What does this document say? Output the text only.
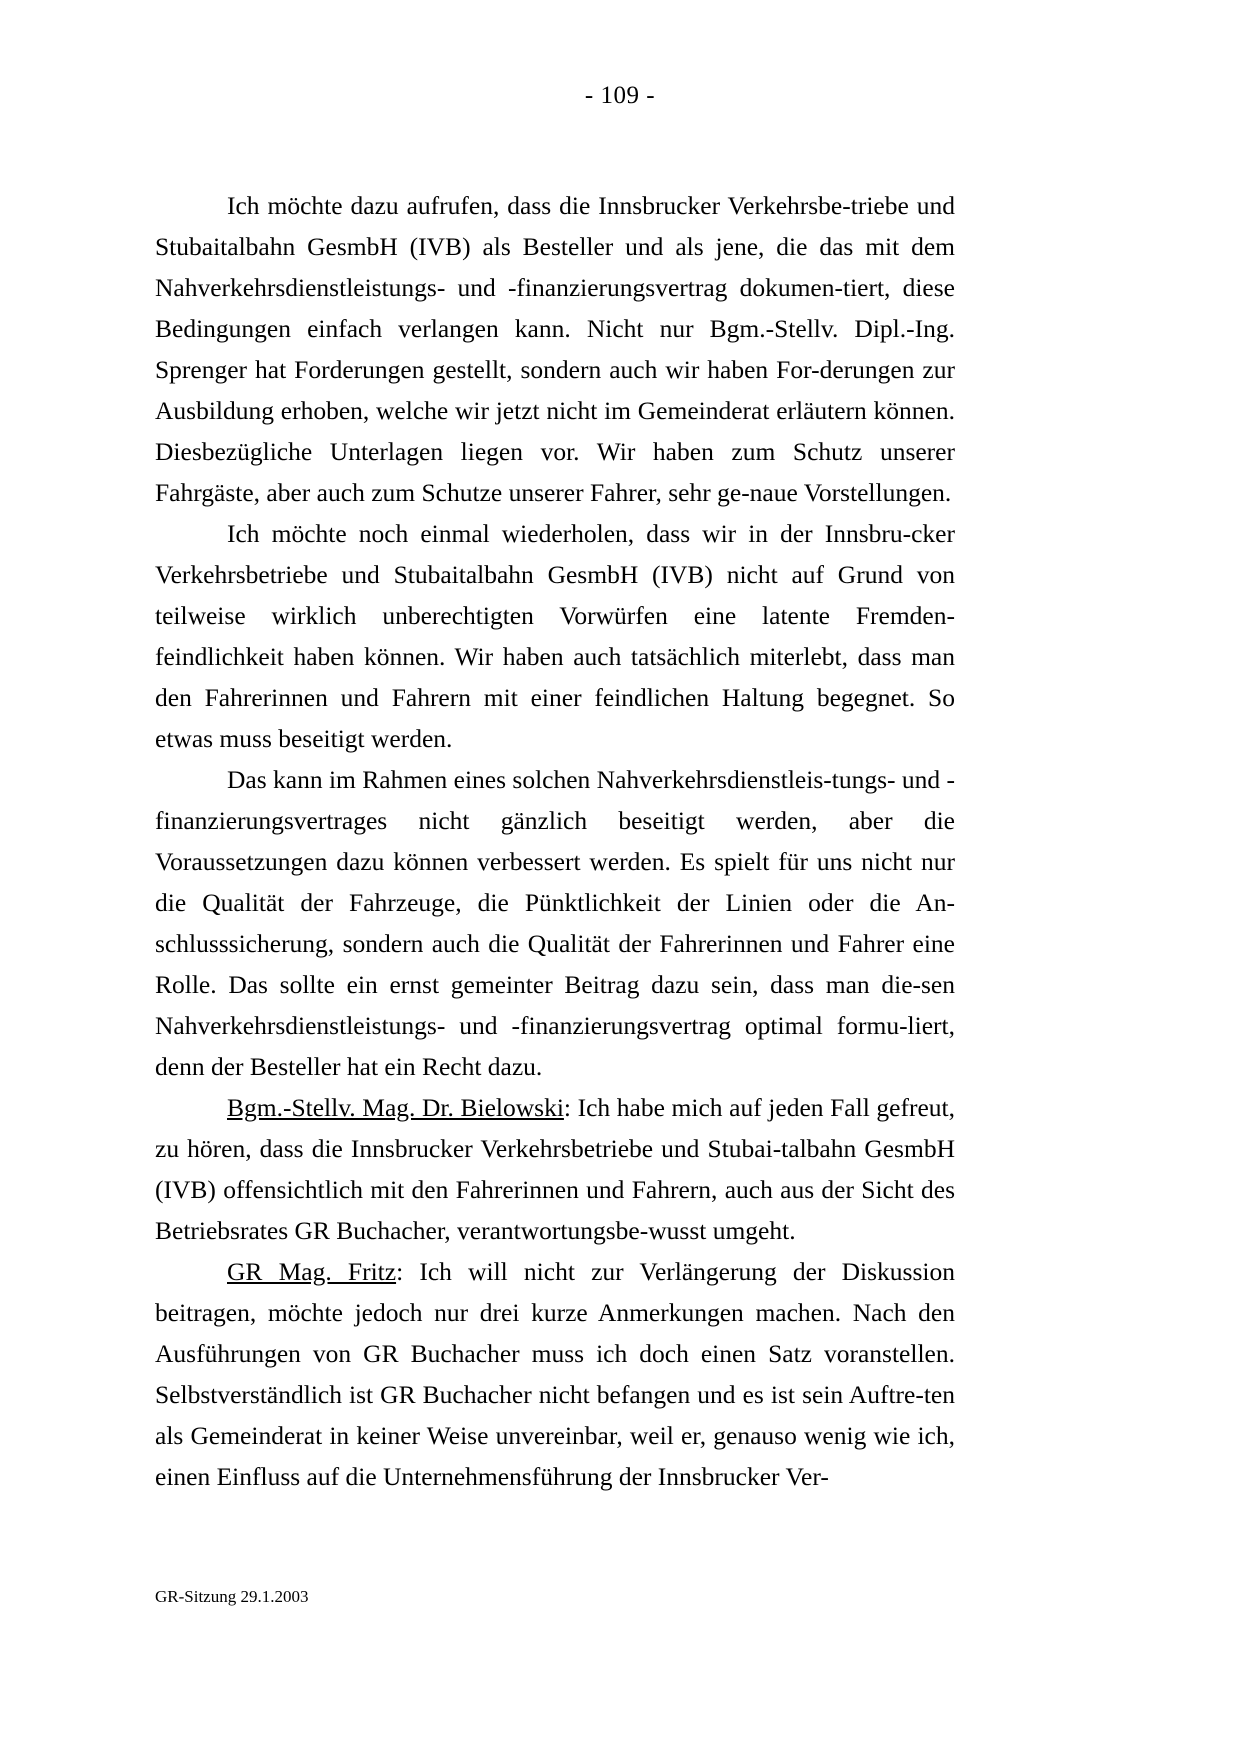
- 109 -

Ich möchte dazu aufrufen, dass die Innsbrucker Verkehrsbe-triebe und Stubaitalbahn GesmbH (IVB) als Besteller und als jene, die das mit dem Nahverkehrsdienstleistungs- und -finanzierungsvertrag dokumen-tiert, diese Bedingungen einfach verlangen kann. Nicht nur Bgm.-Stellv. Dipl.-Ing. Sprenger hat Forderungen gestellt, sondern auch wir haben For-derungen zur Ausbildung erhoben, welche wir jetzt nicht im Gemeinderat erläutern können. Diesbezügliche Unterlagen liegen vor. Wir haben zum Schutz unserer Fahrgäste, aber auch zum Schutze unserer Fahrer, sehr ge-naue Vorstellungen.

Ich möchte noch einmal wiederholen, dass wir in der Innsbru-cker Verkehrsbetriebe und Stubaitalbahn GesmbH (IVB) nicht auf Grund von teilweise wirklich unberechtigten Vorwürfen eine latente Fremden-feindlichkeit haben können. Wir haben auch tatsächlich miterlebt, dass man den Fahrerinnen und Fahrern mit einer feindlichen Haltung begegnet. So etwas muss beseitigt werden.

Das kann im Rahmen eines solchen Nahverkehrsdienstleis-tungs- und -finanzierungsvertrages nicht gänzlich beseitigt werden, aber die Voraussetzungen dazu können verbessert werden. Es spielt für uns nicht nur die Qualität der Fahrzeuge, die Pünktlichkeit der Linien oder die An-schlusssicherung, sondern auch die Qualität der Fahrerinnen und Fahrer eine Rolle. Das sollte ein ernst gemeinter Beitrag dazu sein, dass man die-sen Nahverkehrsdienstleistungs- und -finanzierungsvertrag optimal formu-liert, denn der Besteller hat ein Recht dazu.

Bgm.-Stellv. Mag. Dr. Bielowski: Ich habe mich auf jeden Fall gefreut, zu hören, dass die Innsbrucker Verkehrsbetriebe und Stubai-talbahn GesmbH (IVB) offensichtlich mit den Fahrerinnen und Fahrern, auch aus der Sicht des Betriebsrates GR Buchacher, verantwortungsbe-wusst umgeht.

GR Mag. Fritz: Ich will nicht zur Verlängerung der Diskussion beitragen, möchte jedoch nur drei kurze Anmerkungen machen. Nach den Ausführungen von GR Buchacher muss ich doch einen Satz voranstellen. Selbstverständlich ist GR Buchacher nicht befangen und es ist sein Auftre-ten als Gemeinderat in keiner Weise unvereinbar, weil er, genauso wenig wie ich, einen Einfluss auf die Unternehmensführung der Innsbrucker Ver-

GR-Sitzung 29.1.2003
